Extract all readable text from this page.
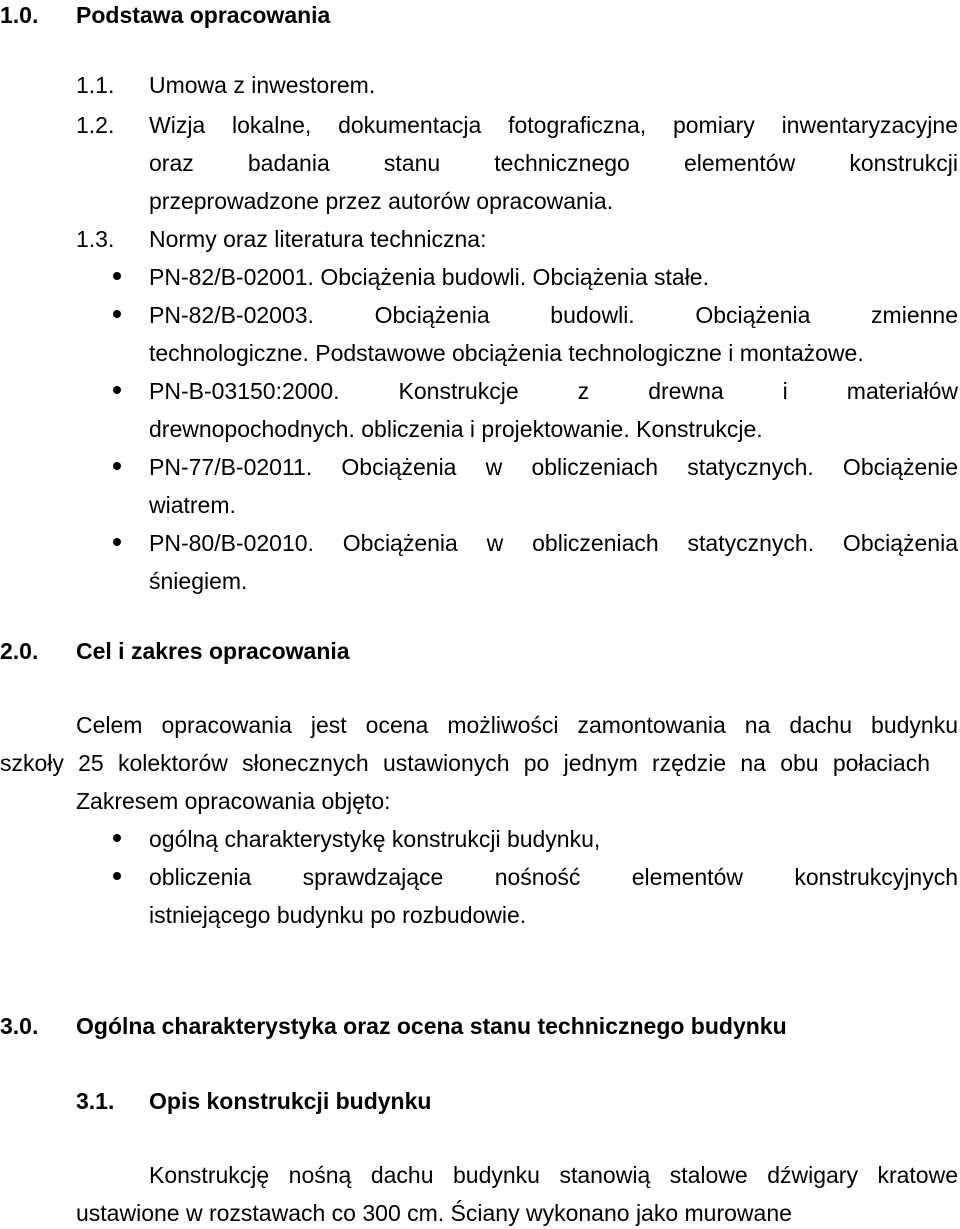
1.0. Podstawa opracowania
1.1. Umowa z inwestorem.
1.2. Wizja lokalne, dokumentacja fotograficzna, pomiary inwentaryzacyjne
oraz badania stanu technicznego elementów konstrukcji
przeprowadzone przez autorów opracowania.
1.3. Normy oraz literatura techniczna:
PN-82/B-02001. Obciążenia budowli. Obciążenia stałe.
PN-82/B-02003. Obciążenia budowli. Obciążenia zmienne
technologiczne. Podstawowe obciążenia technologiczne i montażowe.
PN-B-03150:2000. Konstrukcje z drewna i materiałów
drewnopochodnych. obliczenia i projektowanie. Konstrukcje.
PN-77/B-02011. Obciążenia w obliczeniach statycznych. Obciążenie
wiatrem.
PN-80/B-02010. Obciążenia w obliczeniach statycznych. Obciążenia
śniegiem.
2.0. Cel i zakres opracowania
Celem opracowania jest ocena możliwości zamontowania na dachu budynku
szkoły 25 kolektorów słonecznych ustawionych po jednym rzędzie na obu połaciach
Zakresem opracowania objęto:
ogólną charakterystykę konstrukcji budynku,
obliczenia sprawdzające nośność elementów konstrukcyjnych
istniejącego budynku po rozbudowie.
3.0. Ogólna charakterystyka oraz ocena stanu technicznego budynku
3.1. Opis konstrukcji budynku
Konstrukcję nośną dachu budynku stanowią stalowe dźwigary kratowe
ustawione w rozstawach co 300 cm. Ściany wykonano jako murowane
